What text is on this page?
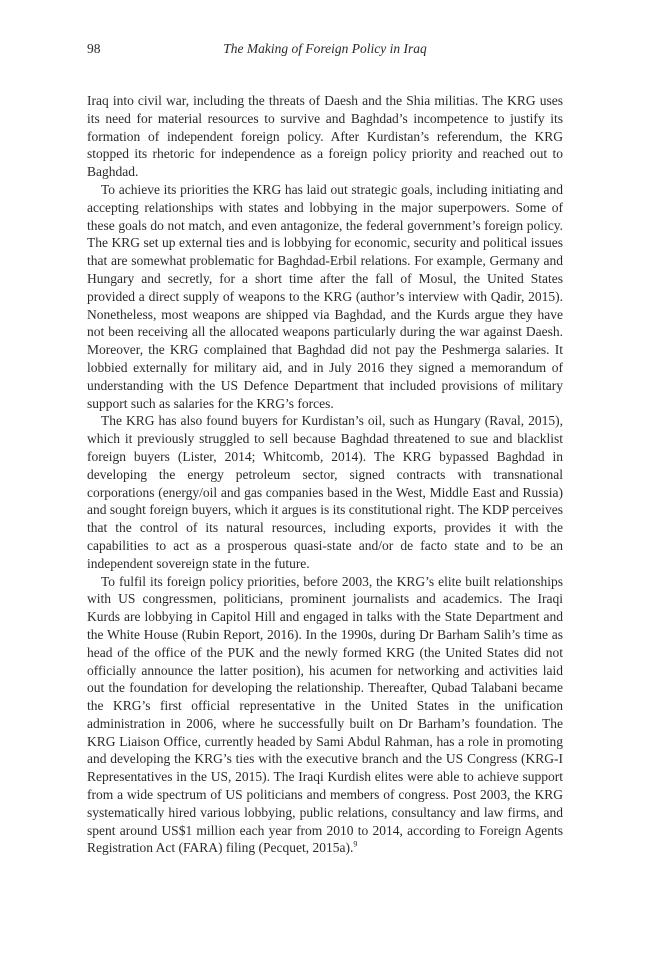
98	The Making of Foreign Policy in Iraq

Iraq into civil war, including the threats of Daesh and the Shia militias. The KRG uses its need for material resources to survive and Baghdad’s incompetence to justify its formation of independent foreign policy. After Kurdistan’s referendum, the KRG stopped its rhetoric for independence as a foreign policy priority and reached out to Baghdad.

To achieve its priorities the KRG has laid out strategic goals, including initiating and accepting relationships with states and lobbying in the major superpowers. Some of these goals do not match, and even antagonize, the federal government’s foreign policy. The KRG set up external ties and is lobbying for economic, security and political issues that are somewhat problematic for Baghdad-Erbil relations. For example, Germany and Hungary and secretly, for a short time after the fall of Mosul, the United States provided a direct supply of weapons to the KRG (author’s interview with Qadir, 2015). Nonetheless, most weapons are shipped via Baghdad, and the Kurds argue they have not been receiving all the allocated weapons particularly during the war against Daesh. Moreover, the KRG complained that Baghdad did not pay the Peshmerga salaries. It lobbied externally for military aid, and in July 2016 they signed a memorandum of understanding with the US Defence Department that included provisions of military support such as salaries for the KRG’s forces.

The KRG has also found buyers for Kurdistan’s oil, such as Hungary (Raval, 2015), which it previously struggled to sell because Baghdad threatened to sue and blacklist foreign buyers (Lister, 2014; Whitcomb, 2014). The KRG bypassed Baghdad in developing the energy petroleum sector, signed contracts with transnational corporations (energy/oil and gas companies based in the West, Middle East and Russia) and sought foreign buyers, which it argues is its constitutional right. The KDP perceives that the control of its natural resources, including exports, provides it with the capabilities to act as a prosperous quasi-state and/or de facto state and to be an independent sovereign state in the future.

To fulfil its foreign policy priorities, before 2003, the KRG’s elite built relationships with US congressmen, politicians, prominent journalists and academics. The Iraqi Kurds are lobbying in Capitol Hill and engaged in talks with the State Department and the White House (Rubin Report, 2016). In the 1990s, during Dr Barham Salih’s time as head of the office of the PUK and the newly formed KRG (the United States did not officially announce the latter position), his acumen for networking and activities laid out the foundation for developing the relationship. Thereafter, Qubad Talabani became the KRG’s first official representative in the United States in the unification administration in 2006, where he successfully built on Dr Barham’s foundation. The KRG Liaison Office, currently headed by Sami Abdul Rahman, has a role in promoting and developing the KRG’s ties with the executive branch and the US Congress (KRG-I Representatives in the US, 2015). The Iraqi Kurdish elites were able to achieve support from a wide spectrum of US politicians and members of congress. Post 2003, the KRG systematically hired various lobbying, public relations, consultancy and law firms, and spent around US$1 million each year from 2010 to 2014, according to Foreign Agents Registration Act (FARA) filing (Pecquet, 2015a).$^9$
